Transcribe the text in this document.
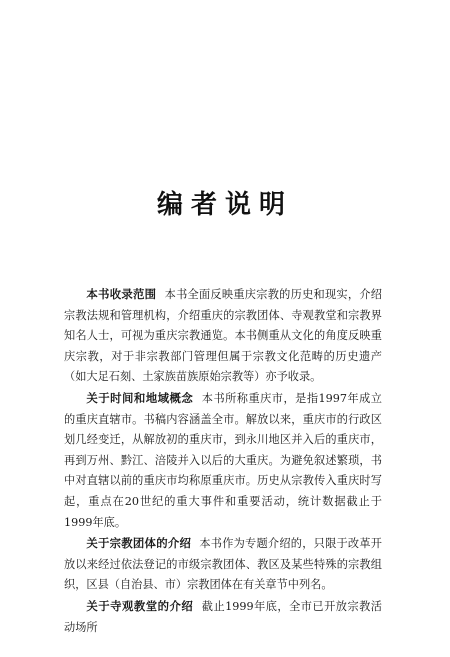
编者说明

本书收录范围 本书全面反映重庆宗教的历史和现实，介绍宗教法规和管理机构，介绍重庆的宗教团体、寺观教堂和宗教界知名人士，可视为重庆宗教通览。本书侧重从文化的角度反映重庆宗教，对于非宗教部门管理但属于宗教文化范畴的历史遗产（如大足石刻、土家族苗族原始宗教等）亦予收录。

关于时间和地域概念 本书所称重庆市，是指1997年成立的重庆直辖市。书稿内容涵盖全市。解放以来，重庆市的行政区划几经变迁，从解放初的重庆市，到永川地区并入后的重庆市，再到万州、黔江、涪陵并入以后的大重庆。为避免叙述繁琐，书中对直辖以前的重庆市均称原重庆市。历史从宗教传入重庆时写起，重点在20世纪的重大事件和重要活动，统计数据截止于1999年底。

关于宗教团体的介绍 本书作为专题介绍的，只限于改革开放以来经过依法登记的市级宗教团体、教区及某些特殊的宗教组织，区县（自治县、市）宗教团体在有关章节中列名。

关于寺观教堂的介绍 截止1999年底，全市已开放宗教活动场所
